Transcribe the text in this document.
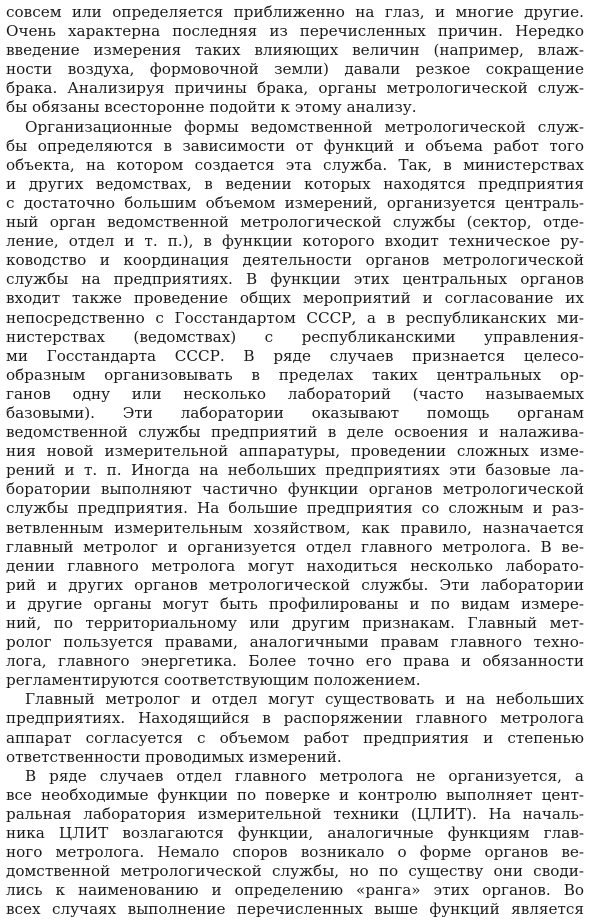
совсем или определяется приближенно на глаз, и многие другие.
Очень характерна последняя из перечисленных причин. Нередко
введение измерения таких влияющих величин (например, влаж-
ности воздуха, формовочной земли) давали резкое сокращение
брака. Анализируя причины брака, органы метрологической служ-
бы обязаны всесторонне подойти к этому анализу.
Организационные формы ведомственной метрологической служ-
бы определяются в зависимости от функций и объема работ того
объекта, на котором создается эта служба. Так, в министерствах
и других ведомствах, в ведении которых находятся предприятия
с достаточно большим объемом измерений, организуется централь-
ный орган ведомственной метрологической службы (сектор, отде-
ление, отдел и т. п.), в функции которого входит техническое ру-
ководство и координация деятельности органов метрологической
службы на предприятиях. В функции этих центральных органов
входит также проведение общих мероприятий и согласование их
непосредственно с Госстандартом СССР, а в республиканских ми-
нистерствах (ведомствах) с республиканскими управления-
ми Госстандарта СССР. В ряде случаев признается целесо-
образным организовывать в пределах таких центральных ор-
ганов одну или несколько лабораторий (часто называемых
базовыми). Эти лаборатории оказывают помощь органам
ведомственной службы предприятий в деле освоения и налажива-
ния новой измерительной аппаратуры, проведении сложных изме-
рений и т. п. Иногда на небольших предприятиях эти базовые ла-
боратории выполняют частично функции органов метрологической
службы предприятия. На большие предприятия со сложным и раз-
ветвленным измерительным хозяйством, как правило, назначается
главный метролог и организуется отдел главного метролога. В ве-
дении главного метролога могут находиться несколько лаборато-
рий и других органов метрологической службы. Эти лаборатории
и другие органы могут быть профилированы и по видам измере-
ний, по территориальному или другим признакам. Главный мет-
ролог пользуется правами, аналогичными правам главного техно-
лога, главного энергетика. Более точно его права и обязанности
регламентируются соответствующим положением.
Главный метролог и отдел могут существовать и на небольших
предприятиях. Находящийся в распоряжении главного метролога
аппарат согласуется с объемом работ предприятия и степенью
ответственности проводимых измерений.
В ряде случаев отдел главного метролога не организуется, а
все необходимые функции по поверке и контролю выполняет цент-
ральная лаборатория измерительной техники (ЦЛИТ). На началь-
ника ЦЛИТ возлагаются функции, аналогичные функциям глав-
ного метролога. Немало споров возникало о форме органов ве-
домственной метрологической службы, но по существу они своди-
лись к наименованию и определению «ранга» этих органов. Во
всех случаях выполнение перечисленных выше функций является
